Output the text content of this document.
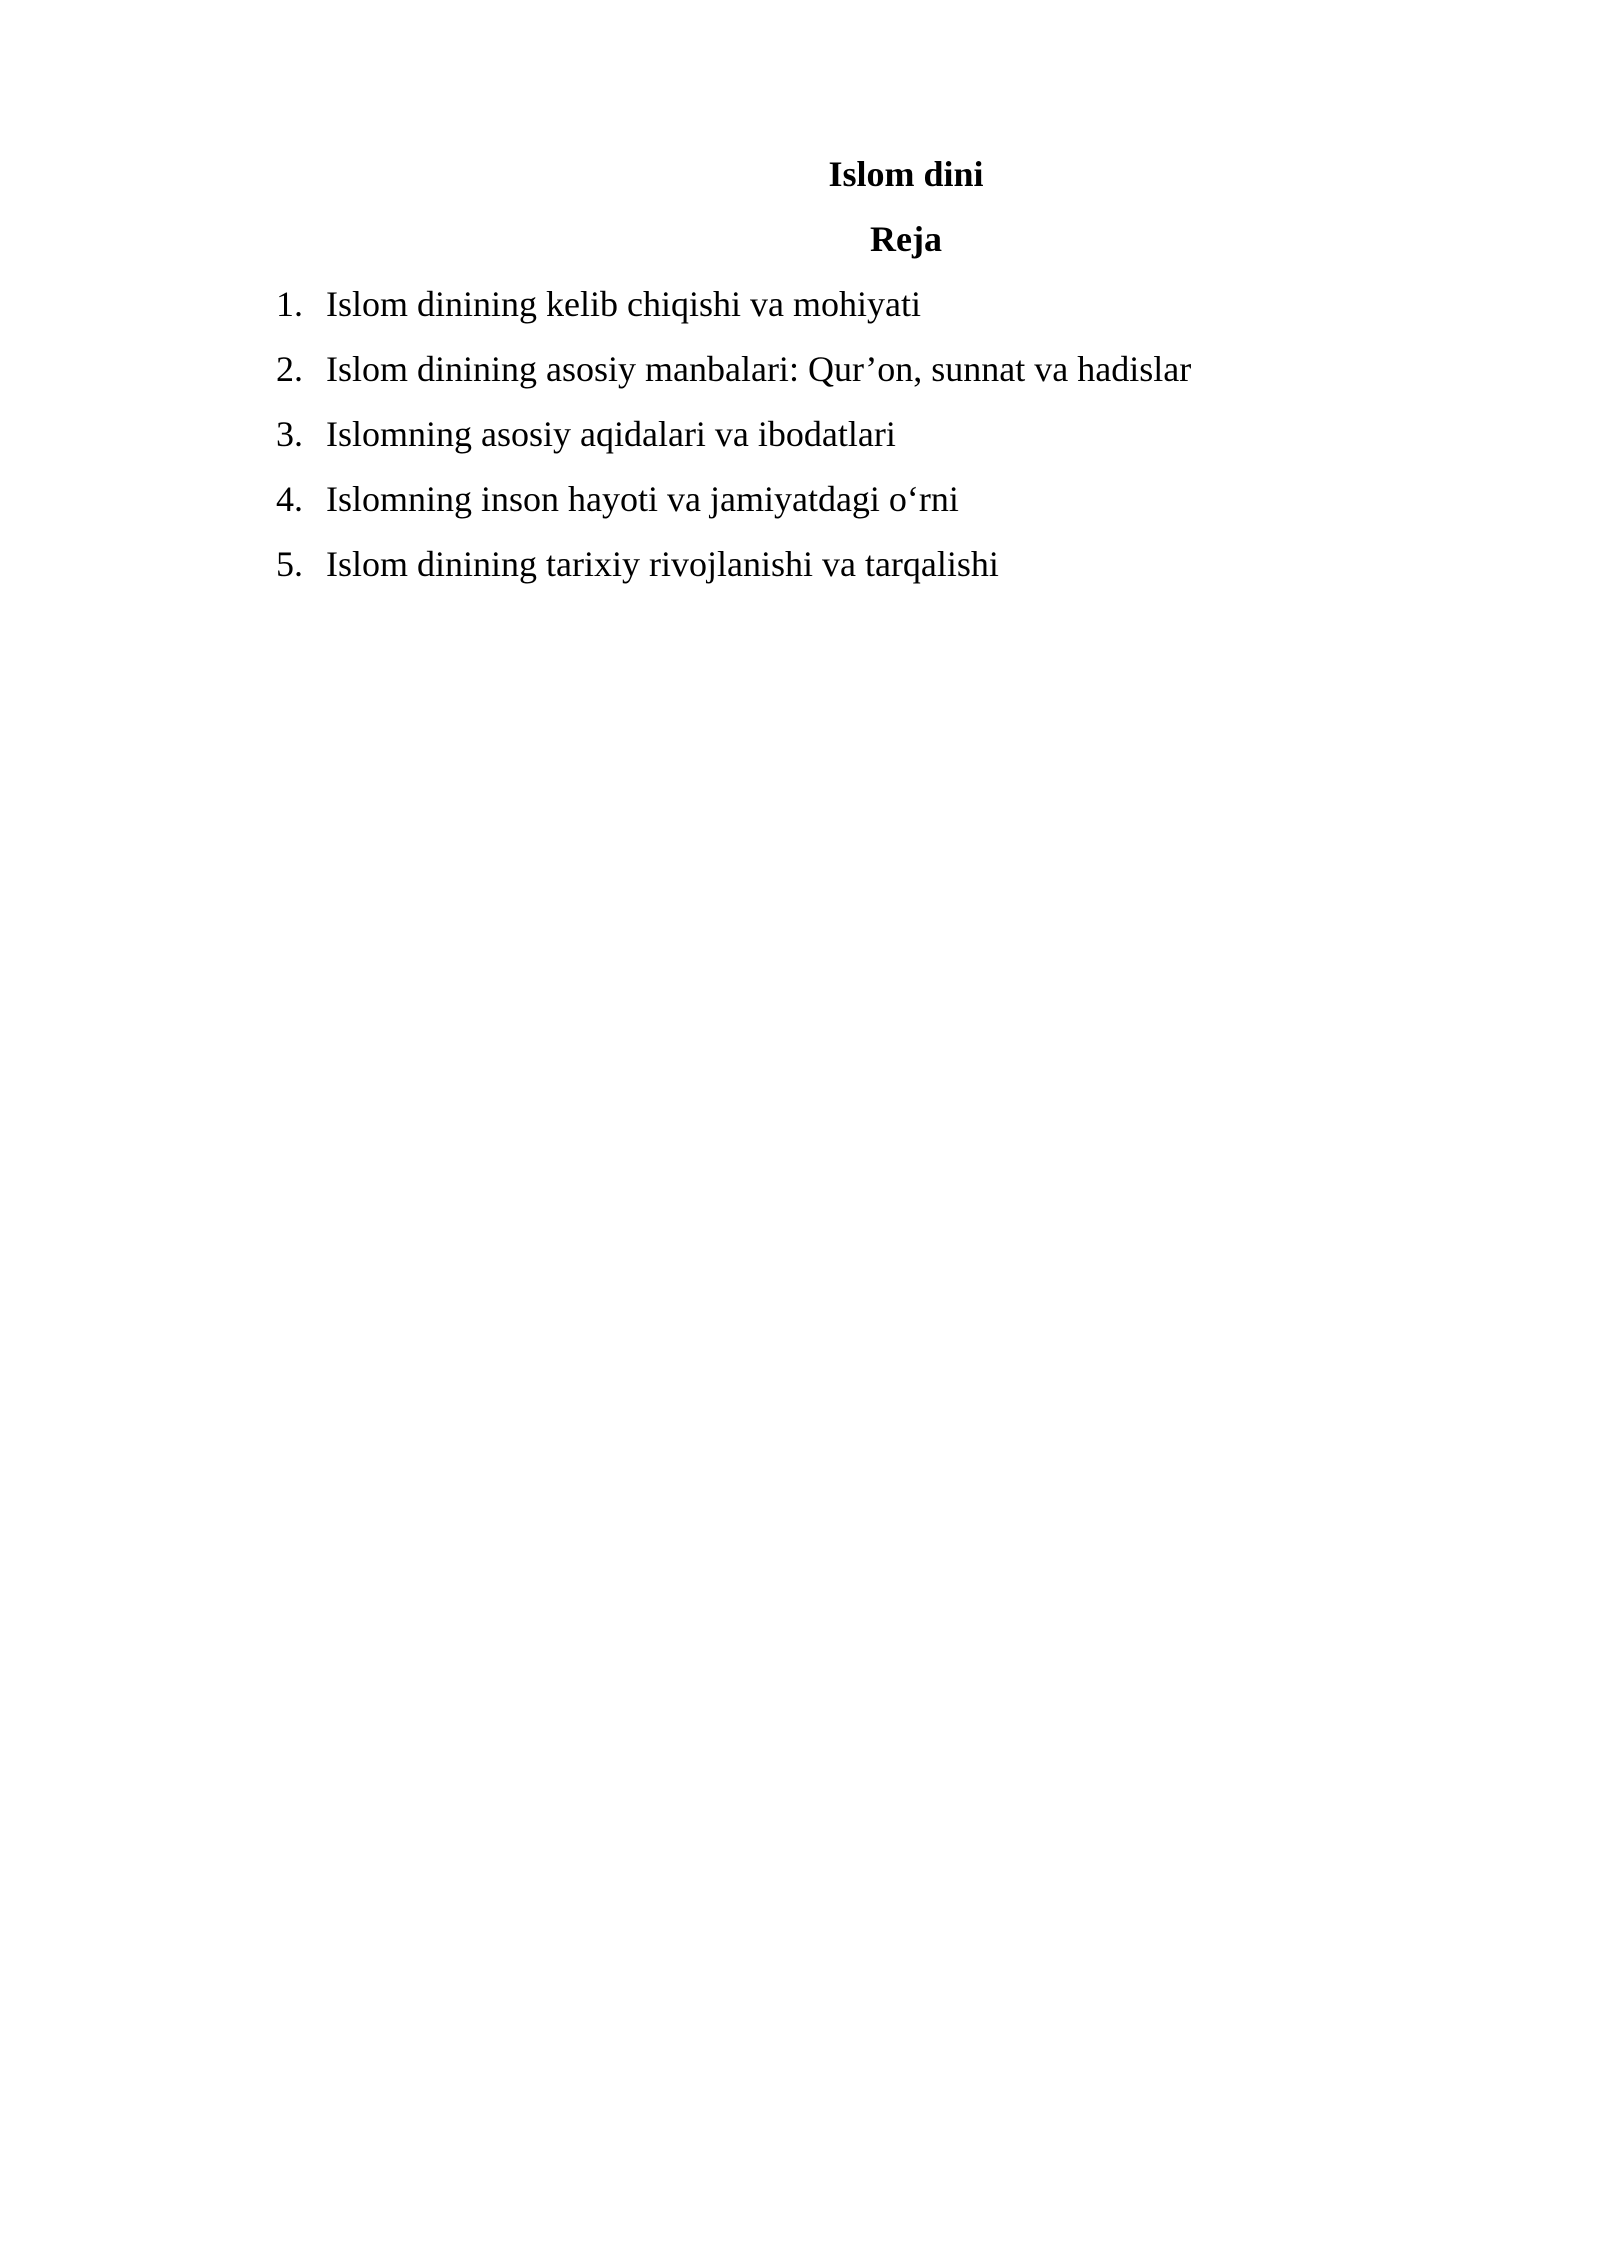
Islom dini
Reja
1. Islom dinining kelib chiqishi va mohiyati
2. Islom dinining asosiy manbalari: Qur’on, sunnat va hadislar
3. Islomning asosiy aqidalari va ibodatlari
4. Islomning inson hayoti va jamiyatdagi o‘rni
5. Islom dinining tarixiy rivojlanishi va tarqalishi
